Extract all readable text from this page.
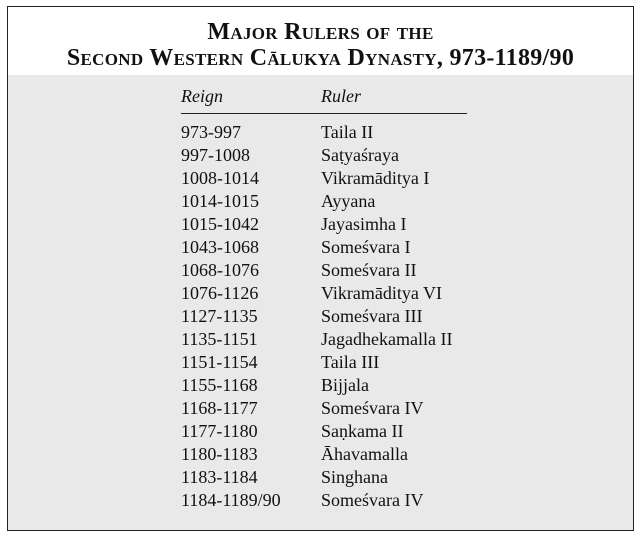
Major Rulers of the
Second Western Cālukya Dynasty, 973-1189/90
Reign	Ruler
973-997	Taila II
997-1008	Saṭyaśraya
1008-1014	Vikramāditya I
1014-1015	Ayyana
1015-1042	Jayasimha I
1043-1068	Someśvara I
1068-1076	Someśvara II
1076-1126	Vikramāditya VI
1127-1135	Someśvara III
1135-1151	Jagadhekamalla II
1151-1154	Taila III
1155-1168	Bijjala
1168-1177	Someśvara IV
1177-1180	Saṇkama II
1180-1183	Āhavamalla
1183-1184	Singhana
1184-1189/90 Someśvara IV
